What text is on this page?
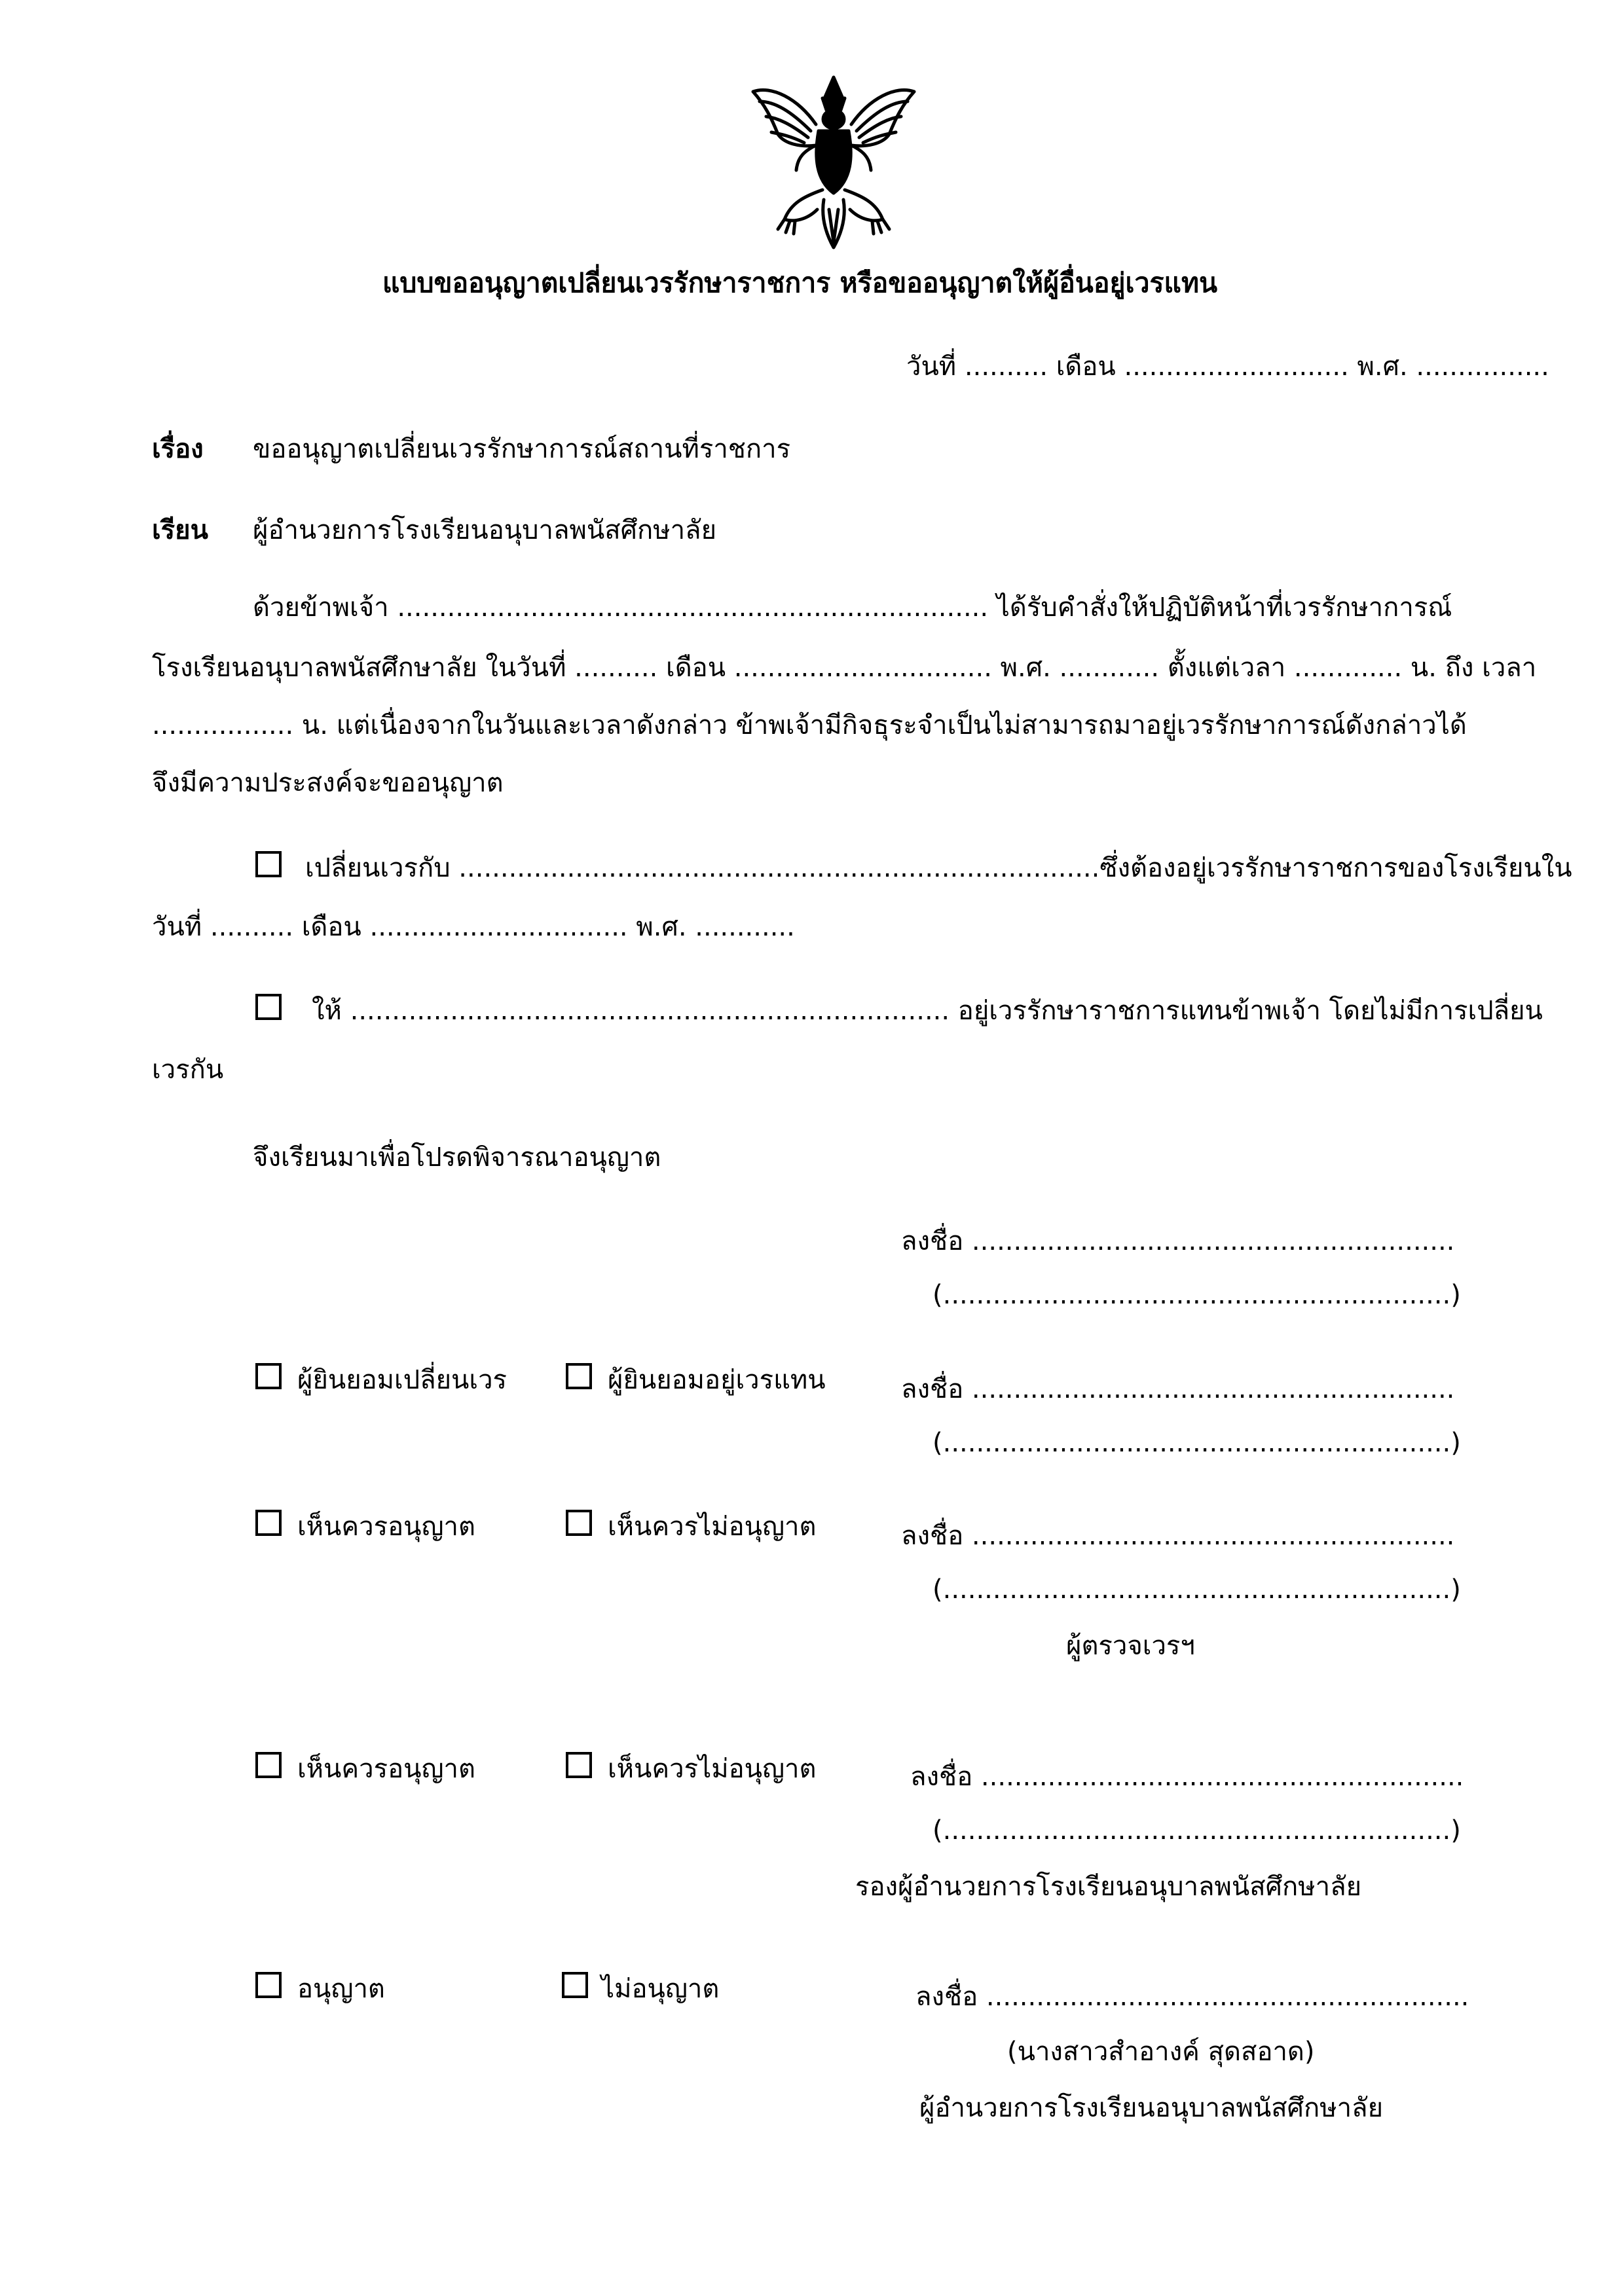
แบบขออนุญาตเปลี่ยนเวรรักษาราชการ หรือขออนุญาตให้ผู้อื่นอยู่เวรแทน
วันที่ .......... เดือน ........................... พ.ศ. ................
เรื่อง ขออนุญาตเปลี่ยนเวรรักษาการณ์สถานที่ราชการ
เรียน ผู้อำนวยการโรงเรียนอนุบาลพนัสศึกษาลัย
ด้วยข้าพเจ้า ....................................................................... ได้รับคำสั่งให้ปฏิบัติหน้าที่เวรรักษาการณ์
โรงเรียนอนุบาลพนัสศึกษาลัย ในวันที่ .......... เดือน ............................... พ.ศ. ............ ตั้งแต่เวลา ............. น. ถึง เวลา
................. น. แต่เนื่องจากในวันและเวลาดังกล่าว ข้าพเจ้ามีกิจธุระจำเป็นไม่สามารถมาอยู่เวรรักษาการณ์ดังกล่าวได้
จึงมีความประสงค์จะขออนุญาต
เปลี่ยนเวรกับ .............................................................................ซึ่งต้องอยู่เวรรักษาราชการของโรงเรียนใน
วันที่ .......... เดือน ............................... พ.ศ. ............
ให้ ........................................................................ อยู่เวรรักษาราชการแทนข้าพเจ้า โดยไม่มีการเปลี่ยน
เวรกัน
จึงเรียนมาเพื่อโปรดพิจารณาอนุญาต
ลงชื่อ ..........................................................
(.............................................................)
ผู้ยินยอมเปลี่ยนเวร	ผู้ยินยอมอยู่เวรแทน	ลงชื่อ ..........................................................
(.............................................................)
เห็นควรอนุญาต	เห็นควรไม่อนุญาต	ลงชื่อ ..........................................................
(.............................................................)
ผู้ตรวจเวรฯ
เห็นควรอนุญาต	เห็นควรไม่อนุญาต	ลงชื่อ ..........................................................
(.............................................................)
รองผู้อำนวยการโรงเรียนอนุบาลพนัสศึกษาลัย
อนุญาต	ไม่อนุญาต	ลงชื่อ ..........................................................
(นางสาวสำอางค์ สุดสอาด)
ผู้อำนวยการโรงเรียนอนุบาลพนัสศึกษาลัย
